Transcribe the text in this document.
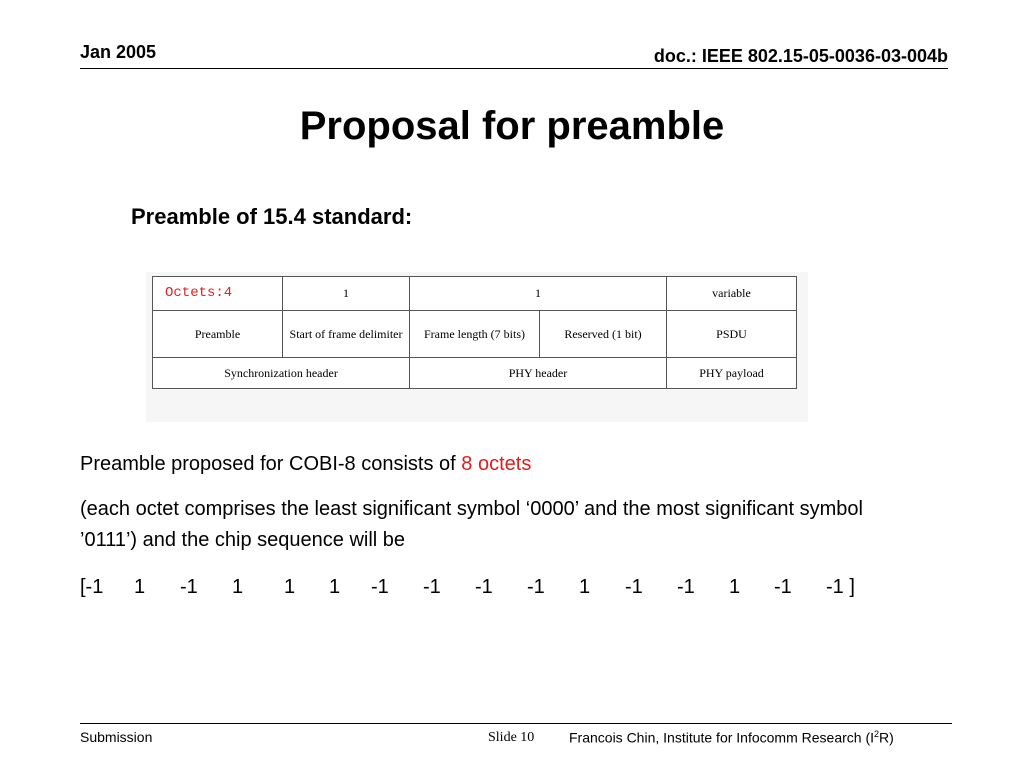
Jan 2005	doc.: IEEE 802.15-05-0036-03-004b
Proposal for preamble
Preamble of 15.4 standard:
Octets:4	1	1		variable
Preamble	Start of frame delimiter	Frame length (7 bits)	Reserved (1 bit)	PSDU
Synchronization header		PHY header		PHY payload
Preamble proposed for COBI-8 consists of 8 octets
(each octet comprises the least significant symbol ‘0000’ and the most significant symbol ’0111’) and the chip sequence will be
[-1 1 -1 1 1 1 -1 -1 -1 -1 1 -1 -1 1 -1 -1 ]
Submission	Slide 10 Francois Chin, Institute for Infocomm Research $(I^2R)$
